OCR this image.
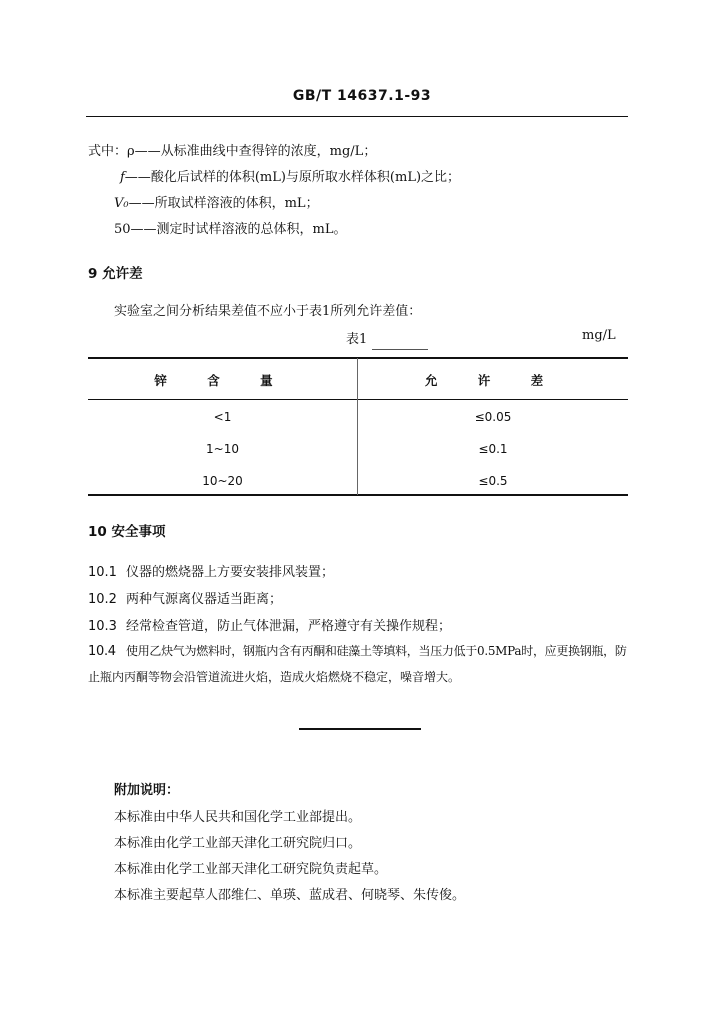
GB/T 14637.1-93
式中：ρ——从标准曲线中查得锌的浓度，mg/L；
f——酸化后试样的体积(mL)与原所取水样体积(mL)之比；
V₀——所取试样溶液的体积，mL；
50——测定时试样溶液的总体积，mL。
9 允许差
实验室之间分析结果差值不应小于表1所列允许差值：
表1	mg/L
锌 含 量	允 许 差
<1	≤0.05
1~10	≤0.1
10~20	≤0.5
10 安全事项
10.1 仪器的燃烧器上方要安装排风装置；
10.2 两种气源离仪器适当距离；
10.3 经常检查管道，防止气体泄漏，严格遵守有关操作规程；
10.4 使用乙炔气为燃料时，钢瓶内含有丙酮和硅藻土等填料，当压力低于0.5MPa时，应更换钢瓶，防
止瓶内丙酮等物会沿管道流进火焰，造成火焰燃烧不稳定，噪音增大。
附加说明：
本标准由中华人民共和国化学工业部提出。
本标准由化学工业部天津化工研究院归口。
本标准由化学工业部天津化工研究院负责起草。
本标准主要起草人邵维仁、单瑛、蓝成君、何晓琴、朱传俊。
